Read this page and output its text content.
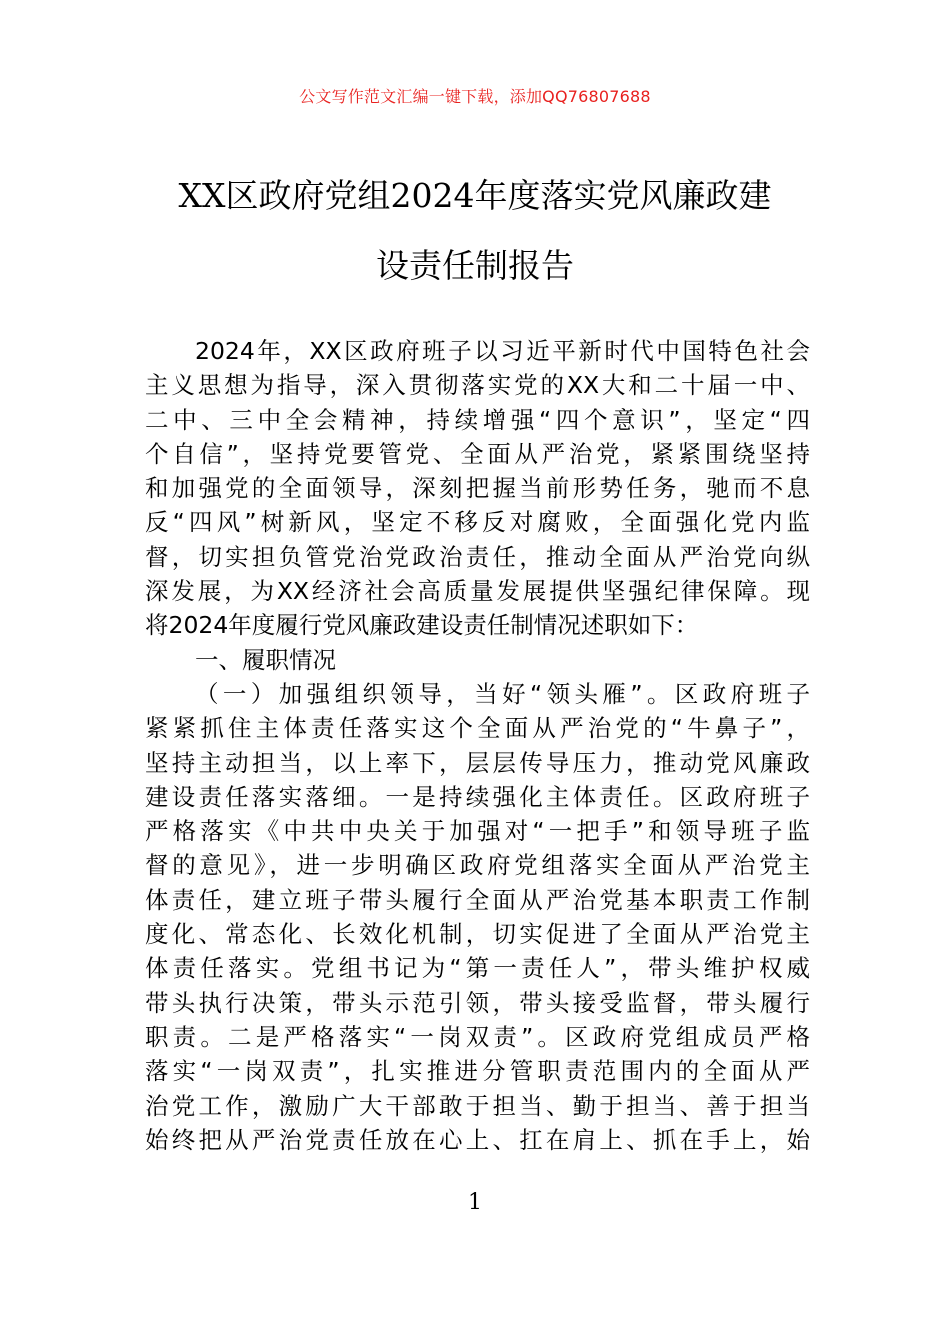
公文写作范文汇编一键下载，添加QQ76807688
XX区政府党组2024年度落实党风廉政建
设责任制报告
2024年，XX区政府班子以习近平新时代中国特色社会
主义思想为指导，深入贯彻落实党的XX大和二十届一中、
二中、三中全会精神，持续增强“四个意识”，坚定“四
个自信”，坚持党要管党、全面从严治党，紧紧围绕坚持
和加强党的全面领导，深刻把握当前形势任务，驰而不息
反“四风”树新风，坚定不移反对腐败，全面强化党内监
督，切实担负管党治党政治责任，推动全面从严治党向纵
深发展，为XX经济社会高质量发展提供坚强纪律保障。现
将2024年度履行党风廉政建设责任制情况述职如下：
一、履职情况
（一）加强组织领导，当好“领头雁”。区政府班子
紧紧抓住主体责任落实这个全面从严治党的“牛鼻子”，
坚持主动担当，以上率下，层层传导压力，推动党风廉政
建设责任落实落细。一是持续强化主体责任。区政府班子
严格落实《中共中央关于加强对“一把手”和领导班子监
督的意见》，进一步明确区政府党组落实全面从严治党主
体责任，建立班子带头履行全面从严治党基本职责工作制
度化、常态化、长效化机制，切实促进了全面从严治党主
体责任落实。党组书记为“第一责任人”，带头维护权威
带头执行决策，带头示范引领，带头接受监督，带头履行
职责。二是严格落实“一岗双责”。区政府党组成员严格
落实“一岗双责”，扎实推进分管职责范围内的全面从严
治党工作，激励广大干部敢于担当、勤于担当、善于担当
始终把从严治党责任放在心上、扛在肩上、抓在手上，始
1
